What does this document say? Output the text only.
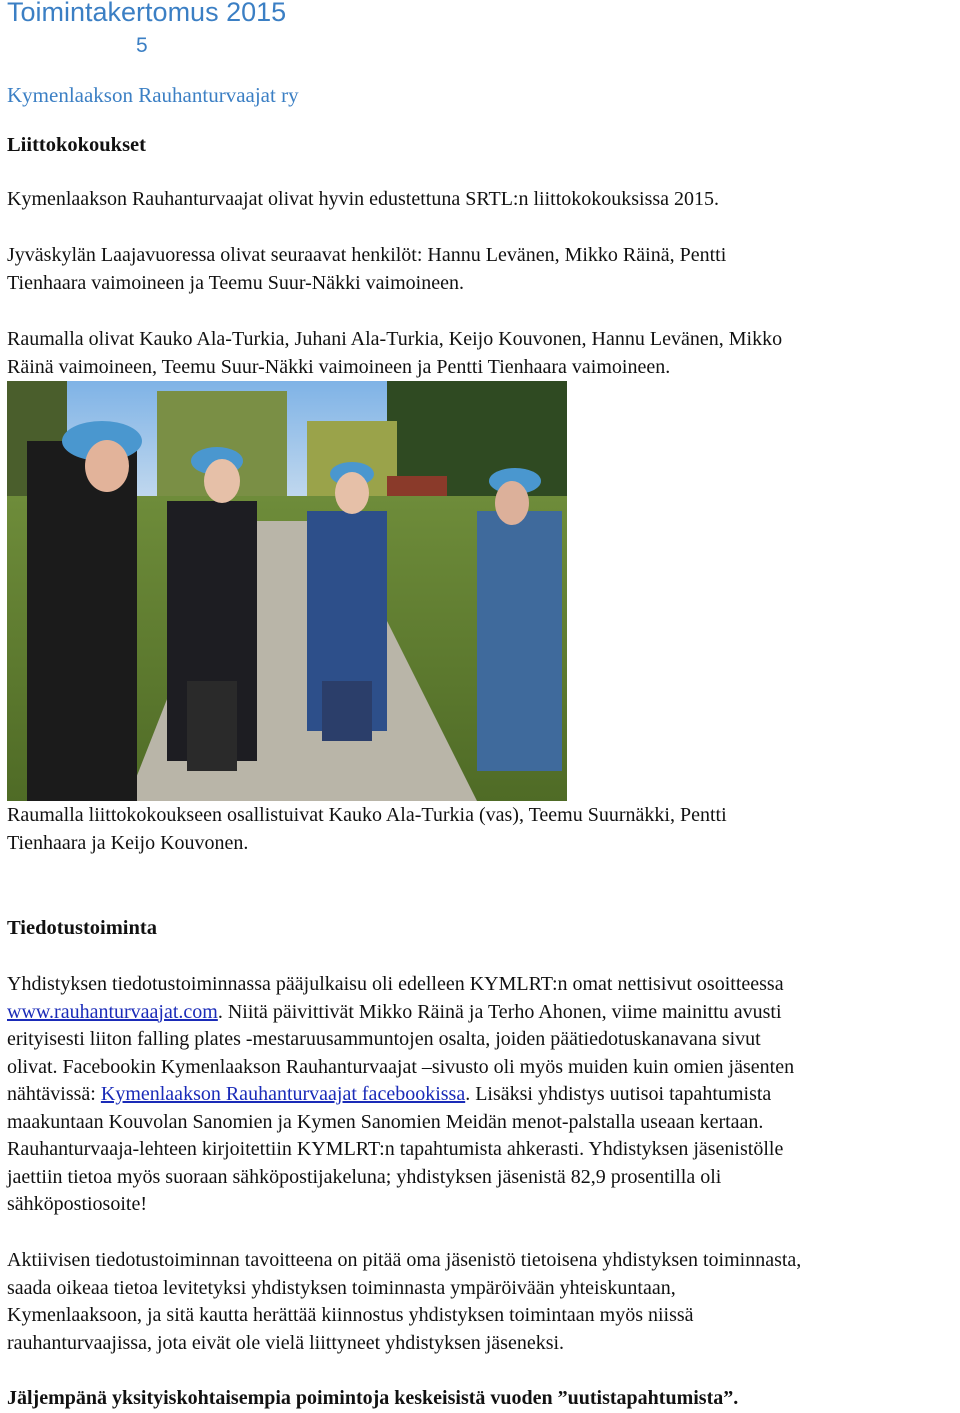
Toimintakertomus 2015
5
Kymenlaakson Rauhanturvaajat ry
Liittokokoukset

Kymenlaakson Rauhanturvaajat olivat hyvin edustettuna SRTL:n liittokokouksissa 2015.

Jyväskylän Laajavuoressa olivat seuraavat henkilöt: Hannu Levänen, Mikko Räinä, Pentti
Tienhaara vaimoineen ja Teemu Suur-Näkki vaimoineen.

Raumalla olivat Kauko Ala-Turkia, Juhani Ala-Turkia, Keijo Kouvonen, Hannu Levänen, Mikko
Räinä vaimoineen, Teemu Suur-Näkki vaimoineen ja Pentti Tienhaara vaimoineen.

Raumalla liittokokoukseen osallistuivat Kauko Ala-Turkia (vas), Teemu Suurnäkki, Pentti
Tienhaara ja Keijo Kouvonen.

Tiedotustoiminta

Yhdistyksen tiedotustoiminnassa pääjulkaisu oli edelleen KYMLRT:n omat nettisivut osoitteessa
www.rauhanturvaajat.com. Niitä päivittivät Mikko Räinä ja Terho Ahonen, viime mainittu avusti
erityisesti liiton falling plates -mestaruusammuntojen osalta, joiden päätiedotuskanavana sivut
olivat. Facebookin Kymenlaakson Rauhanturvaajat –sivusto oli myös muiden kuin omien jäsenten
nähtävissä: Kymenlaakson Rauhanturvaajat facebookissa. Lisäksi yhdistys uutisoi tapahtumista
maakuntaan Kouvolan Sanomien ja Kymen Sanomien Meidän menot-palstalla useaan kertaan.
Rauhanturvaaja-lehteen kirjoitettiin KYMLRT:n tapahtumista ahkerasti. Yhdistyksen jäsenistölle
jaettiin tietoa myös suoraan sähköpostijakeluna; yhdistyksen jäsenistä 82,9 prosentilla oli
sähköpostiosoite!

Aktiivisen tiedotustoiminnan tavoitteena on pitää oma jäsenistö tietoisena yhdistyksen toiminnasta,
saada oikeaa tietoa levitetyksi yhdistyksen toiminnasta ympäröivään yhteiskuntaan,
Kymenlaaksoon, ja sitä kautta herättää kiinnostus yhdistyksen toimintaan myös niissä
rauhanturvaajissa, jota eivät ole vielä liittyneet yhdistyksen jäseneksi.

Jäljempänä yksityiskohtaisempia poimintoja keskeisistä vuoden ”uutistapahtumista”.
